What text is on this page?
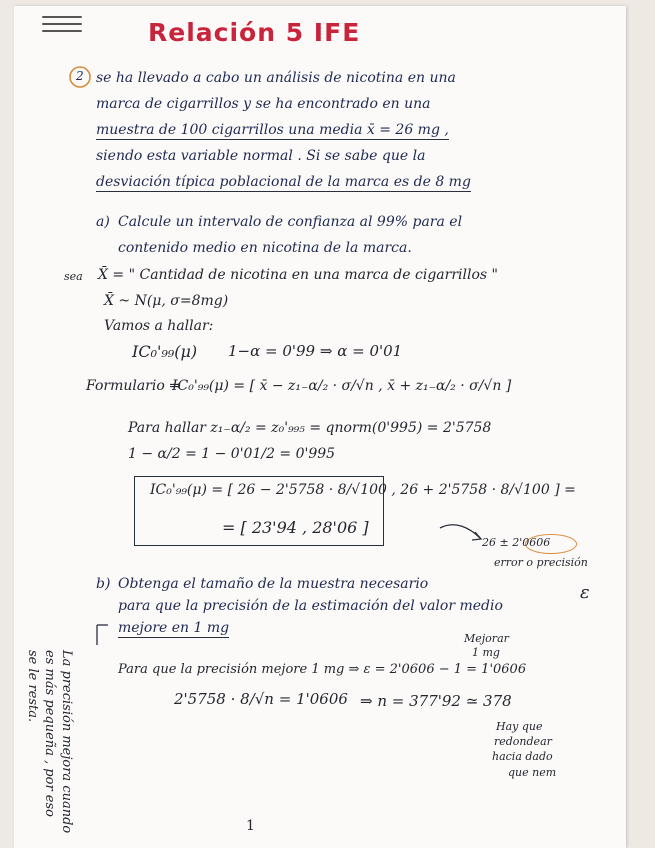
Relación 5 IFE
2 se ha llevado a cabo un análisis de nicotina en una
marca de cigarrillos y se ha encontrado en una
muestra de 100 cigarrillos una media x̄ = 26 mg ,
siendo esta variable normal . Si se sabe que la
desviación típica poblacional de la marca es de 8 mg
a) Calcule un intervalo de confianza al 99% para el
contenido medio en nicotina de la marca.
sea X̄ = " Cantidad de nicotina en una marca de cigarrillos "
X̄ ~ N(μ, σ=8mg)
Vamos a hallar:
IC₀'₉₉(μ) 1−α = 0'99 ⇒ α = 0'01
Formulario ⇒
IC₀'₉₉(μ) = [ x̄ − z₁₋α/₂ · σ/√n , x̄ + z₁₋α/₂ · σ/√n ]
Para hallar z₁₋α/₂ = z₀'₉₉₅ = qnorm(0'995) = 2'5758
1 − α/2 = 1 − 0'01/2 = 0'995
IC₀'₉₉(μ) = [ 26 − 2'5758 · 8/√100 , 26 + 2'5758 · 8/√100 ] =
= [ 23'94 , 28'06 ]
26 ± 2'0606
error o precisión
b) Obtenga el tamaño de la muestra necesario
para que la precisión de la estimación del valor medio
mejore en 1 mg
ε
Mejorar
1 mg
Para que la precisión mejore 1 mg ⇒ ε = 2'0606 − 1 = 1'0606
2'5758 · 8/√n = 1'0606 ⇒ n = 377'92 ≃ 378
Hay que
redondear
hacia dado
que nem
La precisión mejora cuando
es más pequeña , por eso
se le resta.
1
